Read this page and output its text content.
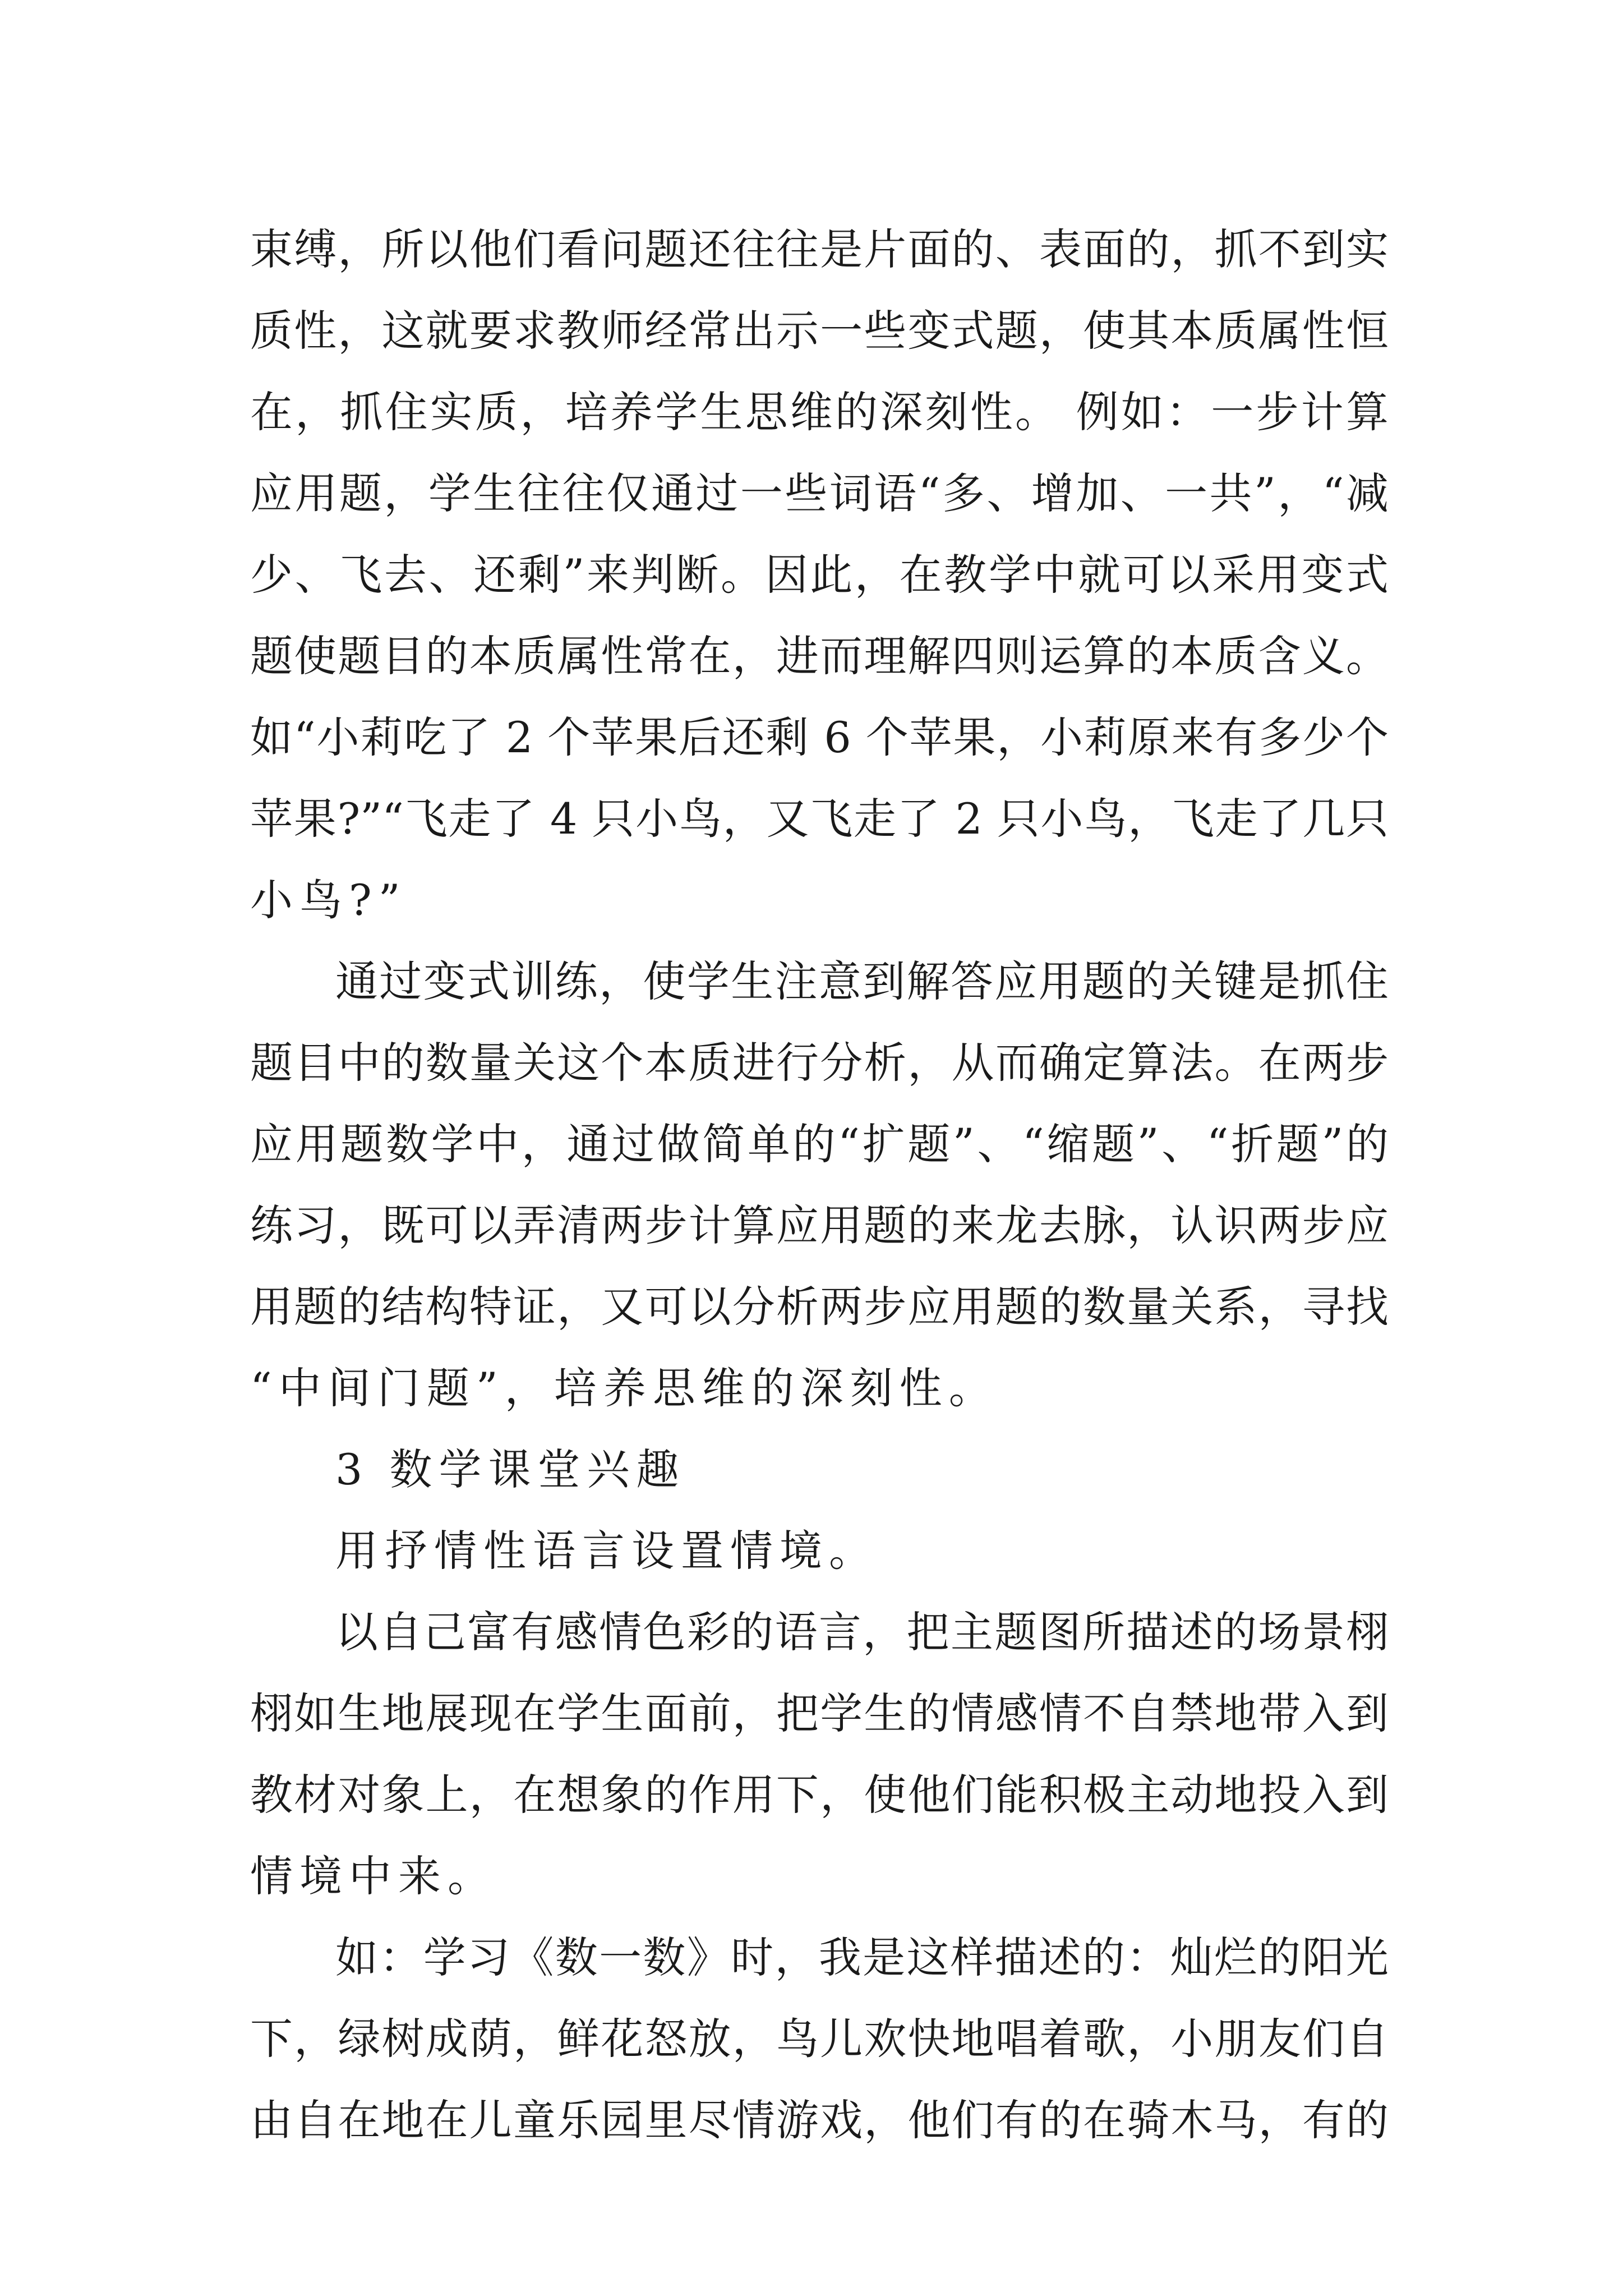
束缚，所以他们看问题还往往是片面的、表面的，抓不到实
质性，这就要求教师经常出示一些变式题，使其本质属性恒
在，抓住实质，培养学生思维的深刻性。 例如：一步计算
应用题，学生往往仅通过一些词语“多、增加、一共”，“减
少、飞去、还剩”来判断。因此，在教学中就可以采用变式
题使题目的本质属性常在，进而理解四则运算的本质含义。
如“小莉吃了 2 个苹果后还剩 6 个苹果，小莉原来有多少个
苹果?”“飞走了 4 只小鸟，又飞走了 2 只小鸟，飞走了几只
小鸟?”
通过变式训练，使学生注意到解答应用题的关键是抓住
题目中的数量关这个本质进行分析，从而确定算法。在两步
应用题数学中，通过做简单的“扩题”、“缩题”、“折题”的
练习，既可以弄清两步计算应用题的来龙去脉，认识两步应
用题的结构特证，又可以分析两步应用题的数量关系，寻找
“中间门题”，培养思维的深刻性。
3 数学课堂兴趣
用抒情性语言设置情境。
以自己富有感情色彩的语言，把主题图所描述的场景栩
栩如生地展现在学生面前，把学生的情感情不自禁地带入到
教材对象上，在想象的作用下，使他们能积极主动地投入到
情境中来。
如：学习《数一数》时，我是这样描述的：灿烂的阳光
下，绿树成荫，鲜花怒放，鸟儿欢快地唱着歌，小朋友们自
由自在地在儿童乐园里尽情游戏，他们有的在骑木马，有的
